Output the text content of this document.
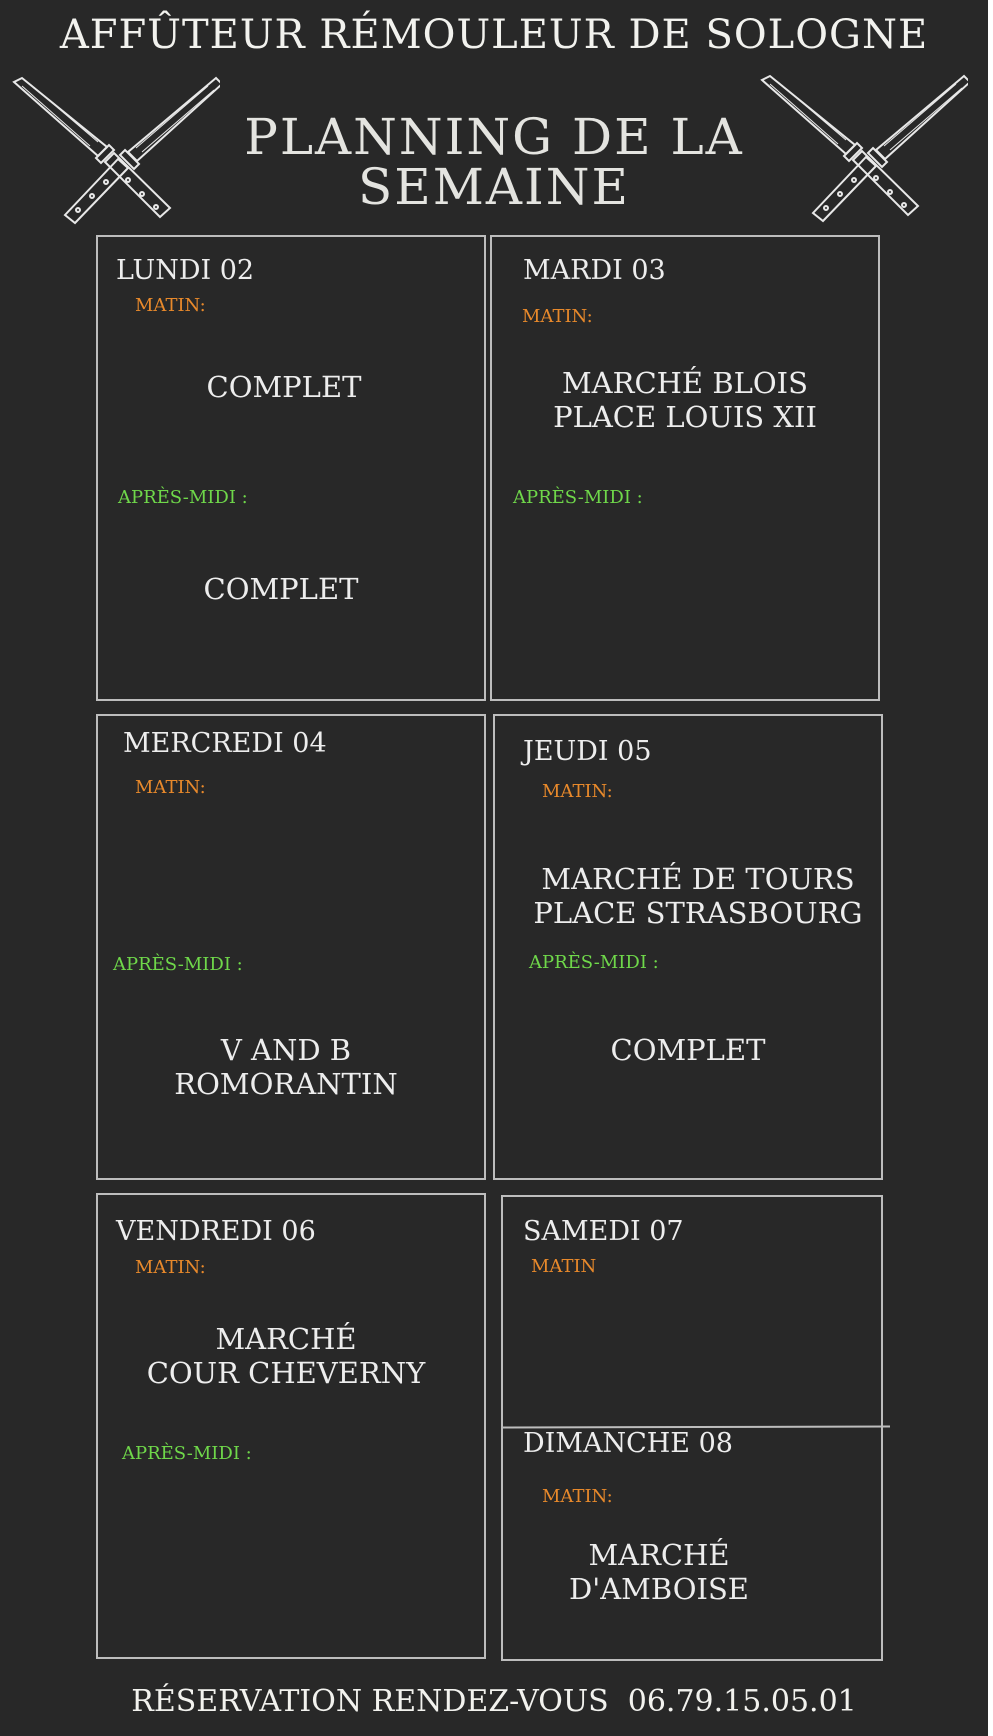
AFFÛTEUR RÉMOULEUR DE SOLOGNE
PLANNING DE LA
SEMAINE
LUNDI 02
MATIN:
COMPLET
APRÈS-MIDI :
COMPLET
MARDI 03
MATIN:
MARCHÉ BLOIS
PLACE LOUIS XII
APRÈS-MIDI :
MERCREDI 04
MATIN:
APRÈS-MIDI :
V AND B
ROMORANTIN
JEUDI 05
MATIN:
MARCHÉ DE TOURS
PLACE STRASBOURG
APRÈS-MIDI :
COMPLET
VENDREDI 06
MATIN:
MARCHÉ
COUR CHEVERNY
APRÈS-MIDI :
SAMEDI 07
MATIN
DIMANCHE 08
MATIN:
MARCHÉ
D'AMBOISE
RÉSERVATION RENDEZ-VOUS  06.79.15.05.01
